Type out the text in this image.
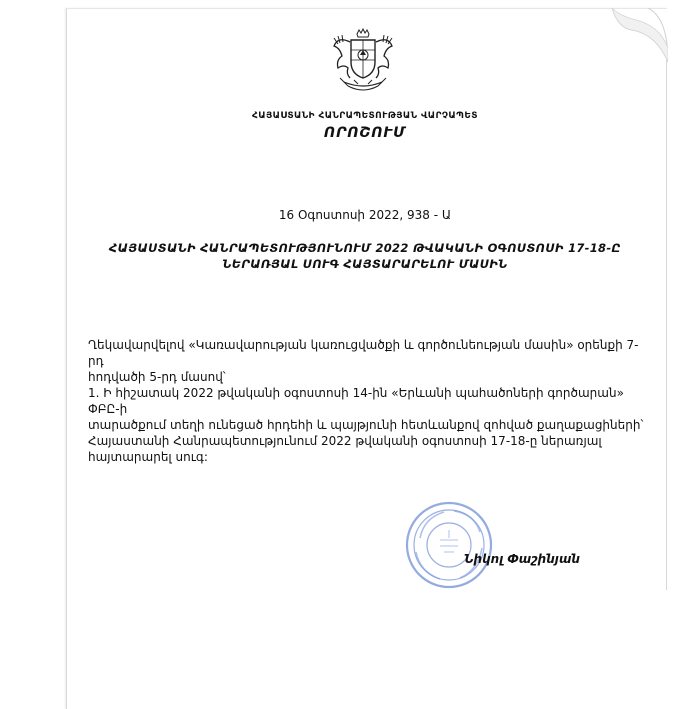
ՀԱՅԱՍՏԱՆԻ ՀԱՆՐԱՊԵՏՈՒԹՅԱՆ ՎԱՐՉԱՊԵՏ
ՈՐՈՇՈՒՄ
16 Օգոստոսի 2022, 938 - Ա
ՀԱՅԱՍՏԱՆԻ ՀԱՆՐԱՊԵՏՈՒԹՅՈՒՆՈՒՄ 2022 ԹՎԱԿԱՆԻ ՕԳՈՍՏՈՍԻ 17-18-Ը
ՆԵՐԱՌՅԱԼ ՍՈՒԳ ՀԱՅՏԱՐԱՐԵԼՈՒ ՄԱՍԻՆ

Ղեկավարվելով «Կառավարության կառուցվածքի և գործունեության մասին» օրենքի 7-րդ

հոդվածի 5-րդ մասով՝

1. Ի հիշատակ 2022 թվականի օգոստոսի 14-ին «Երևանի պահածոների գործարան» ՓԲԸ-ի

տարածքում տեղի ունեցած հրդեհի և պայթյունի հետևանքով զոհված քաղաքացիների՝

Հայաստանի Հանրապետությունում 2022 թվականի օգոստոսի 17-18-ը ներառյալ

հայտարարել սուգ:

Նիկոլ Փաշինյան
